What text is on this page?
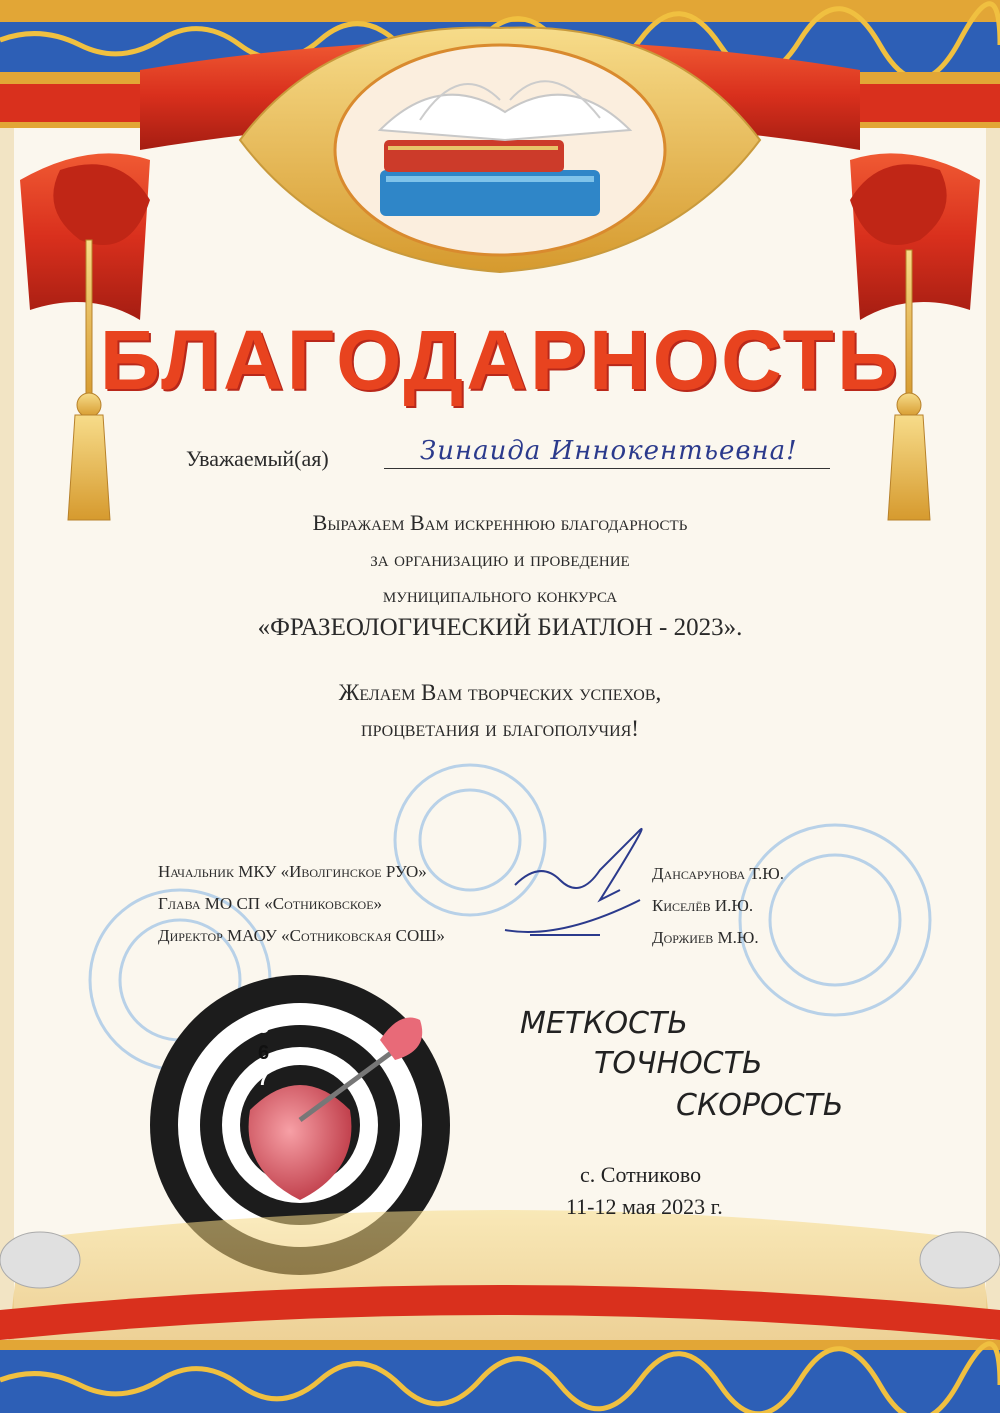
БЛАГОДАРНОСТЬ
Уважаемый(ая)	Зинаида Иннокентьевна!
Выражаем Вам искреннюю благодарность
за организацию и проведение
муниципального конкурса
«ФРАЗЕОЛОГИЧЕСКИЙ БИАТЛОН - 2023».
Желаем Вам творческих успехов,
процветания и благополучия!
Начальник МКУ «Иволгинское РУО»
Глава МО СП «Сотниковское»
Директор МАОУ «Сотниковская СОШ»
Дансарунова Т.Ю.
Киселёв И.Ю.
Доржиев М.Ю.
5
6
7
МЕТКОСТЬ
ТОЧНОСТЬ
СКОРОСТЬ
с. Сотниково
11-12 мая 2023 г.
